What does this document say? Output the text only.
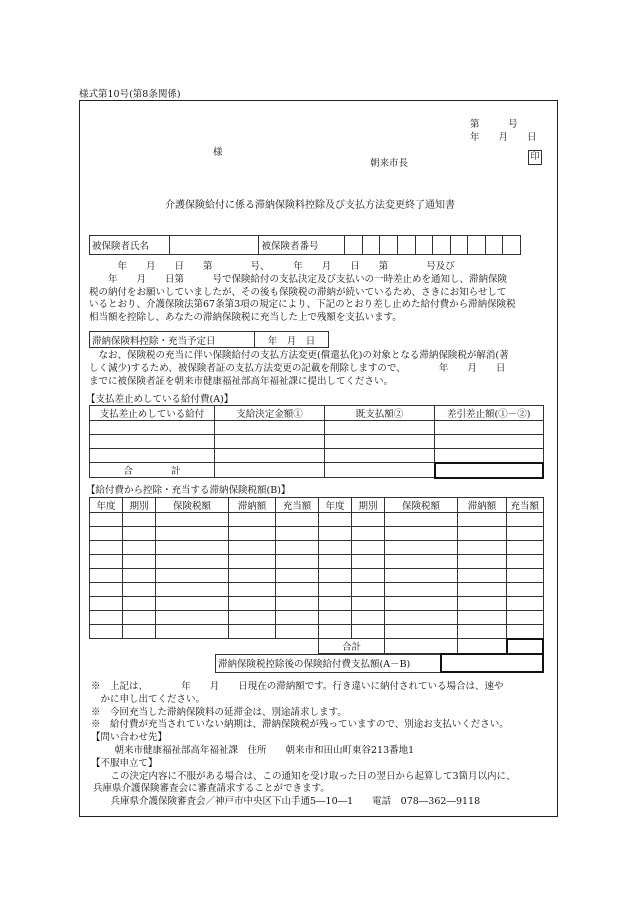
様式第10号(第8条関係)
第　　　号
年　　月　　日
様
朝来市長
印
介護保険給付に係る滞納保険料控除及び支払方法変更終了通知書
被保険者氏名		被保険者番号										
　　　年　　月　　日　　第　　　　号、　　　年　　月　　日　　第　　　　号及び
　　年　　月　　日第　　　号で保険給付の支払決定及び支払いの一時差止めを通知し、滞納保険
税の納付をお願いしていましたが、その後も保険税の滞納が続いているため、さきにお知らせして
いるとおり、介護保険法第67条第3項の規定により、下記のとおり差し止めた給付費から滞納保険税
相当額を控除し、あなたの滞納保険税に充当した上で残額を支払います。
滞納保険料控除・充当予定日	年　月　日
　なお、保険税の充当に伴い保険給付の支払方法変更(償還払化)の対象となる滞納保険税が解消(著
しく減少)するため、被保険者証の支払方法変更の記載を削除しますので、　　　　年　　月　　日
までに被保険者証を朝来市健康福祉部高年福祉課に提出してください。
【支払差止めしている給付費(A)】
支払差止めしている給付	支給決定金額①	既支払額②	差引差止額(①－②)

合　　　　計			
【給付費から控除・充当する滞納保険税額(B)】
年度	期別	保険税額	滞納額	充当額	年度	期別	保険税額	滞納額	充当額

					合計				
滞納保険税控除後の保険給付費支払額(A－B)	
※　上記は、　　　　年　　月　　日現在の滞納額です。行き違いに納付されている場合は、速や
　かに申し出てください。
※　今回充当した滞納保険料の延滞金は、別途請求します。
※　給付費が充当されていない納期は、滞納保険税が残っていますので、別途お支払いください。
【問い合わせ先】
　朝来市健康福祉部高年福祉課　住所　　朝来市和田山町東谷213番地1
【不服申立て】
　この決定内容に不服がある場合は、この通知を受け取った日の翌日から起算して3箇月以内に、
兵庫県介護保険審査会に審査請求することができます。
　兵庫県介護保険審査会／神戸市中央区下山手通5―10―1　　電話　078―362―9118
